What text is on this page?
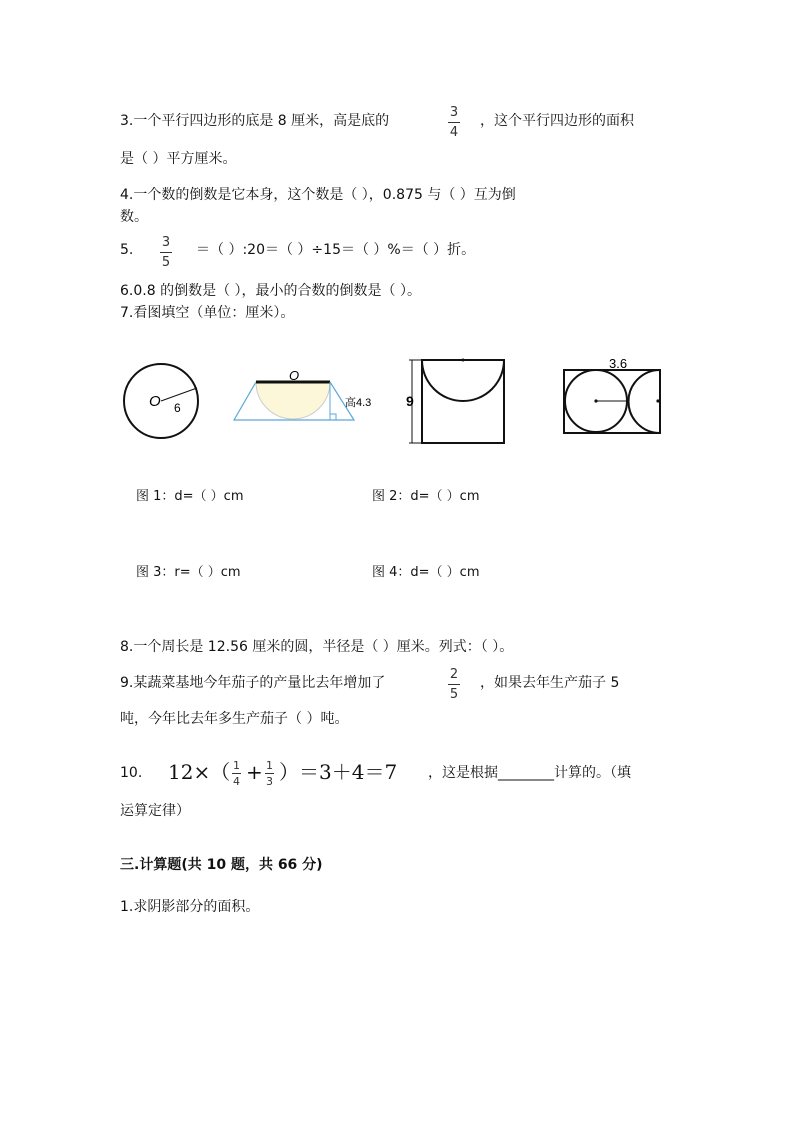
3.一个平行四边形的底是 8 厘米，高是底的
3
4
，这个平行四边形的面积
是（ ）平方厘米。
4.一个数的倒数是它本身，这个数是（ ），0.875 与（ ）互为倒
数。
5. 3
5
＝（ ）:20＝（ ）÷15＝（ ）%＝（ ）折。
6.0.8 的倒数是（ ），最小的合数的倒数是（ ）。
7.看图填空（单位：厘米）。
O 6
O
高4.3 9
3.6
图 1：d=（ ）cm	图 2：d=（ ）cm
图 3：r=（ ）cm	图 4：d=（ ）cm
8.一个周长是 12.56 厘米的圆，半径是（ ）厘米。列式：（ ）。
9.某蔬菜基地今年茄子的产量比去年增加了
2
5
，如果去年生产茄子 5
吨，今年比去年多生产茄子（ ）吨。
10. 12×（ 1
4 + 1
3 ）＝3＋4＝7 ，这是根据________计算的。（填
运算定律）
三.计算题(共 10 题，共 66 分)
1.求阴影部分的面积。
